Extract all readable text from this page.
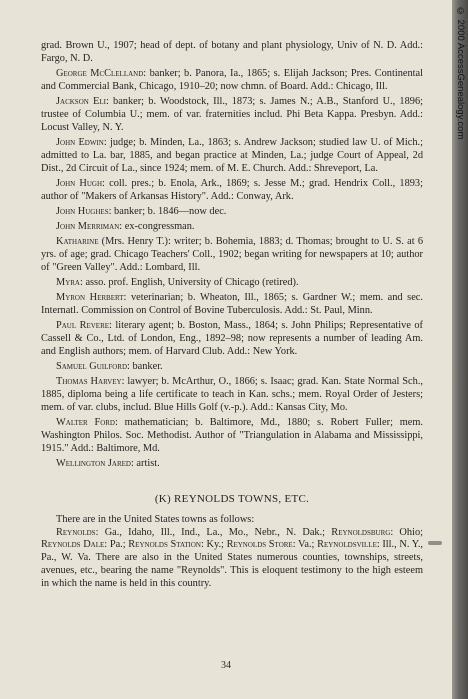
grad. Brown U., 1907; head of dept. of botany and plant physiology, Univ of N. D. Add.: Fargo, N. D.

George McClelland: banker; b. Panora, Ia., 1865; s. Elijah Jackson; Pres. Continental and Commercial Bank, Chicago, 1910–20; now chmn. of Board. Add.: Chicago, Ill.

Jackson Eli: banker; b. Woodstock, Ill., 1873; s. James N.; A.B., Stanford U., 1896; trustee of Columbia U.; mem. of var. fraternities includ. Phi Beta Kappa. Presbyn. Add.: Locust Valley, N. Y.

John Edwin: judge; b. Minden, La., 1863; s. Andrew Jackson; studied law U. of Mich.; admitted to La. bar, 1885, and began practice at Minden, La.; judge Court of Appeal, 2d Dist., 2d Circuit of La., since 1924; mem. of M. E. Church. Add.: Shreveport, La.

John Hugh: coll. pres.; b. Enola, Ark., 1869; s. Jesse M.; grad. Hendrix Coll., 1893; author of "Makers of Arkansas History". Add.: Conway, Ark.

John Hughes: banker; b. 1846—now dec.

John Merriman: ex-congressman.

Katharine (Mrs. Henry T.): writer; b. Bohemia, 1883; d. Thomas; brought to U. S. at 6 yrs. of age; grad. Chicago Teachers' Coll., 1902; began writing for newspapers at 10; author of "Green Valley". Add.: Lombard, Ill.

Myra: asso. prof. English, University of Chicago (retired).

Myron Herbert: veterinarian; b. Wheaton, Ill., 1865; s. Gardner W.; mem. and sec. Internatl. Commission on Control of Bovine Tuberculosis. Add.: St. Paul, Minn.

Paul Revere: literary agent; b. Boston, Mass., 1864; s. John Philips; Representative of Cassell & Co., Ltd. of London, Eng., 1892–98; now represents a number of leading Am. and English authors; mem. of Harvard Club. Add.: New York.

Samuel Guilford: banker.

Thomas Harvey: lawyer; b. McArthur, O., 1866; s. Isaac; grad. Kan. State Normal Sch., 1885, diploma being a life certificate to teach in Kan. schs.; mem. Royal Order of Jesters; mem. of var. clubs, includ. Blue Hills Golf (v.-p.). Add.: Kansas City, Mo.

Walter Ford: mathematician; b. Baltimore, Md., 1880; s. Robert Fuller; mem. Washington Philos. Soc. Methodist. Author of "Triangulation in Alabama and Mississippi, 1915." Add.: Baltimore, Md.

Wellington Jared: artist.

(K) REYNOLDS TOWNS, ETC.

There are in the United States towns as follows:

Reynolds: Ga., Idaho, Ill., Ind., La., Mo., Nebr., N. Dak.; Reynoldsburg: Ohio; Reynolds Dale: Pa.; Reynolds Station: Ky.; Reynolds Store: Va.; Reynoldsville: Ill., N. Y., Pa., W. Va. There are also in the United States numerous counties, townships, streets, avenues, etc., bearing the name "Reynolds". This is eloquent testimony to the high esteem in which the name is held in this country.

34
© 2000 AccessGenealogy.com
